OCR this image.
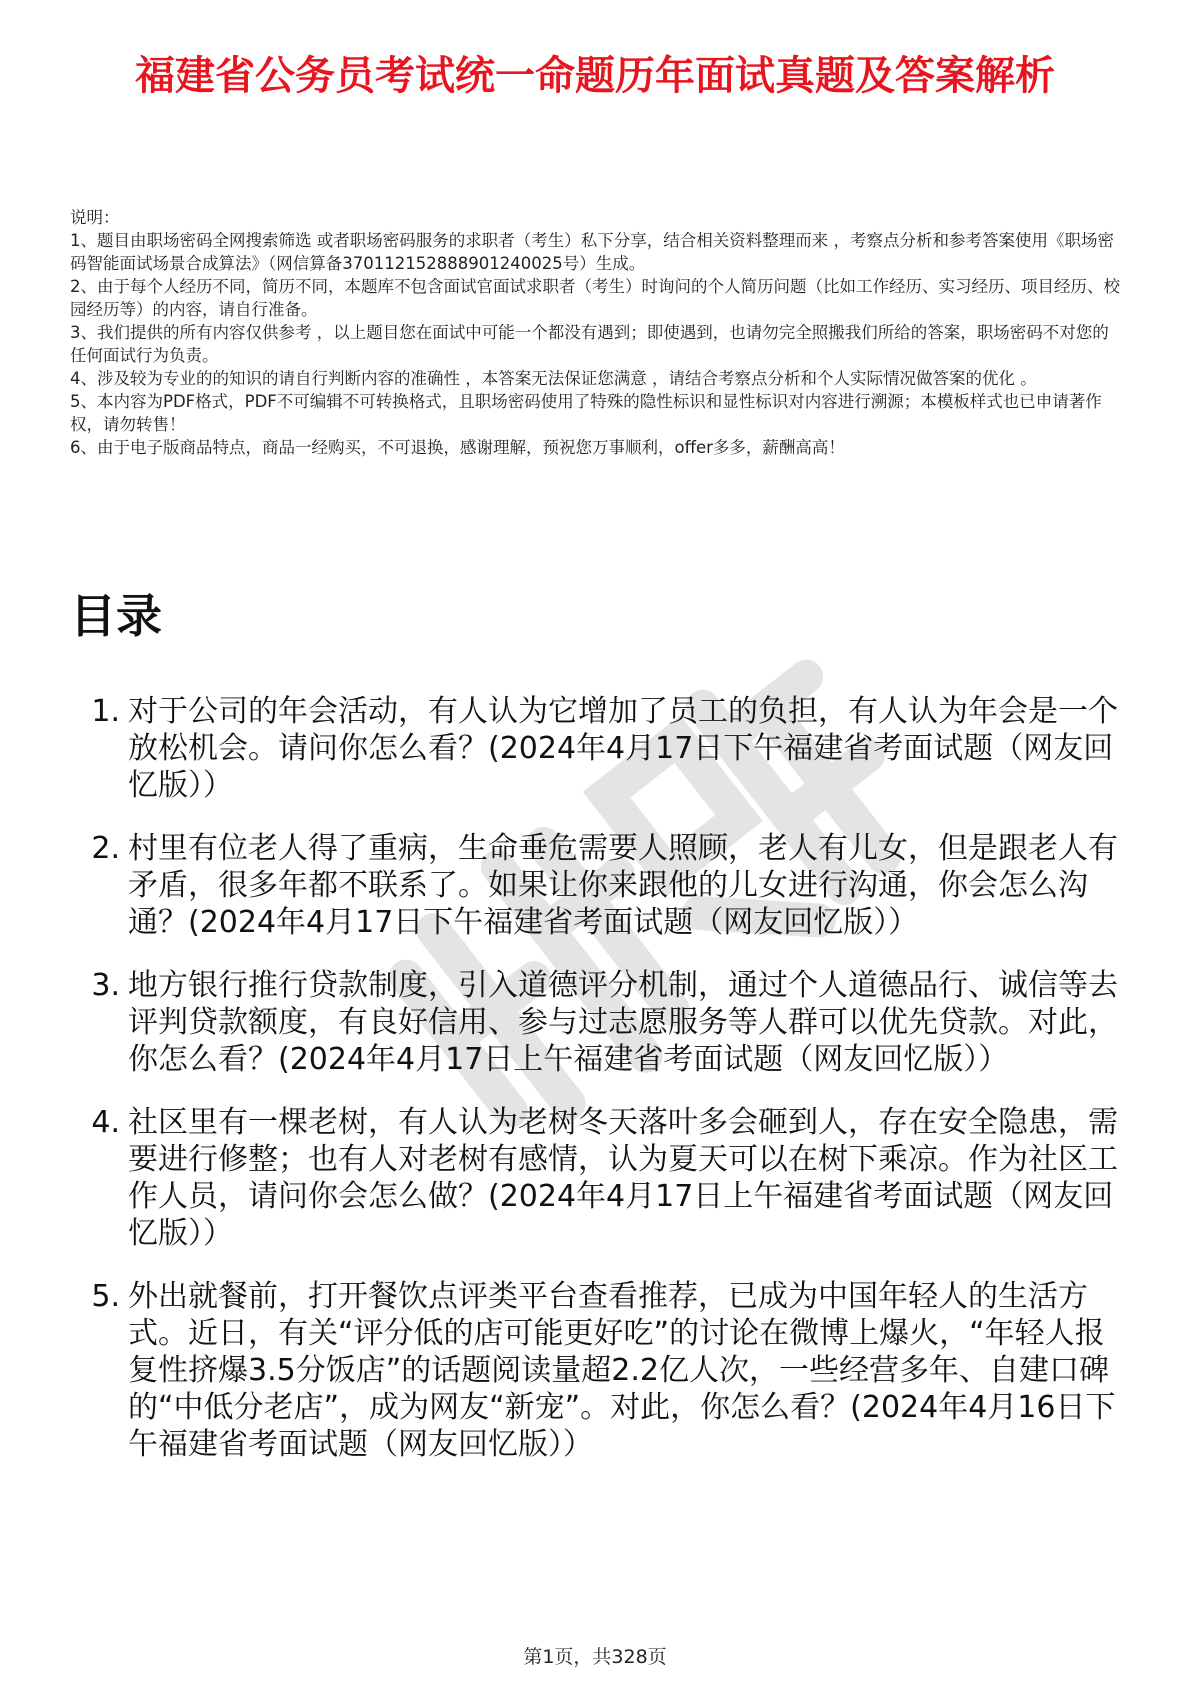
福建省公务员考试统一命题历年面试真题及答案解析

说明：

1、题目由职场密码全网搜索筛选 或者职场密码服务的求职者（考生）私下分享，结合相关资料整理而来 ，考察点分析和参考答案使用《职场密码智能面试场景合成算法》（网信算备370112152888901240025号）生成。

2、由于每个人经历不同，简历不同，本题库不包含面试官面试求职者（考生）时询问的个人简历问题（比如工作经历、实习经历、项目经历、校园经历等）的内容，请自行准备。

3、我们提供的所有内容仅供参考 ，以上题目您在面试中可能一个都没有遇到；即使遇到，也请勿完全照搬我们所给的答案，职场密码不对您的任何面试行为负责。

4、涉及较为专业的的知识的请自行判断内容的准确性 ，本答案无法保证您满意 ，请结合考察点分析和个人实际情况做答案的优化 。

5、本内容为PDF格式，PDF不可编辑不可转换格式，且职场密码使用了特殊的隐性标识和显性标识对内容进行溯源；本模板样式也已申请著作权，请勿转售！

6、由于电子版商品特点，商品一经购买，不可退换，感谢理解，预祝您万事顺利，offer多多，薪酬高高！

目录
1. 对于公司的年会活动，有人认为它增加了员工的负担，有人认为年会是一个放松机会。请问你怎么看？(2024年4月17日下午福建省考面试题（网友回忆版））
2. 村里有位老人得了重病，生命垂危需要人照顾，老人有儿女，但是跟老人有矛盾，很多年都不联系了。如果让你来跟他的儿女进行沟通，你会怎么沟通？(2024年4月17日下午福建省考面试题（网友回忆版））
3. 地方银行推行贷款制度，引入道德评分机制，通过个人道德品行、诚信等去评判贷款额度，有良好信用、参与过志愿服务等人群可以优先贷款。对此，你怎么看？(2024年4月17日上午福建省考面试题（网友回忆版））
4. 社区里有一棵老树，有人认为老树冬天落叶多会砸到人，存在安全隐患，需要进行修整；也有人对老树有感情，认为夏天可以在树下乘凉。作为社区工作人员，请问你会怎么做？(2024年4月17日上午福建省考面试题（网友回忆版））
5. 外出就餐前，打开餐饮点评类平台查看推荐，已成为中国年轻人的生活方式。近日，有关“评分低的店可能更好吃”的讨论在微博上爆火，“年轻人报复性挤爆3.5分饭店”的话题阅读量超2.2亿人次，一些经营多年、自建口碑的“中低分老店”，成为网友“新宠”。对此，你怎么看？(2024年4月16日下午福建省考面试题（网友回忆版））
第1页，共328页
